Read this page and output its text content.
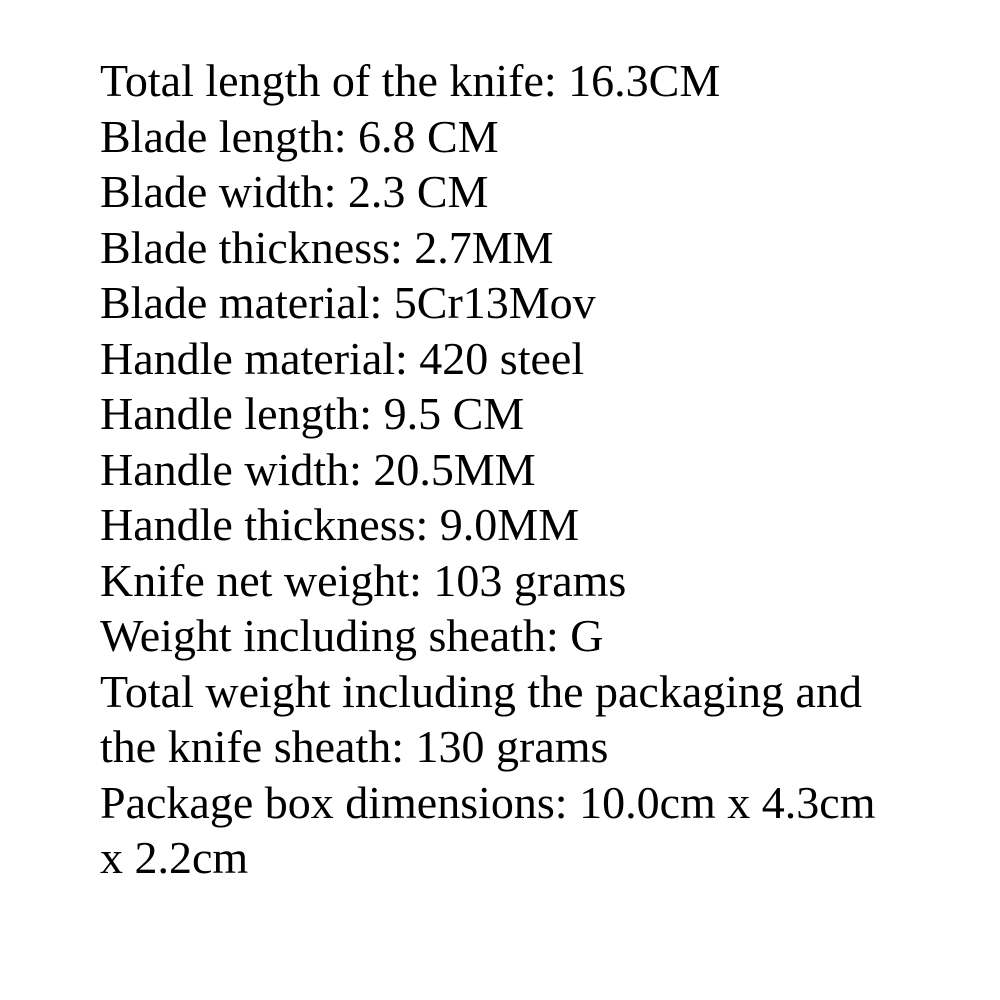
Total length of the knife: 16.3CM
Blade length: 6.8 CM
Blade width: 2.3 CM
Blade thickness: 2.7MM
Blade material: 5Cr13Mov
Handle material: 420 steel
Handle length: 9.5 CM
Handle width: 20.5MM
Handle thickness: 9.0MM
Knife net weight: 103 grams
Weight including sheath: G
Total weight including the packaging and
the knife sheath: 130 grams
Package box dimensions: 10.0cm x 4.3cm
x 2.2cm
